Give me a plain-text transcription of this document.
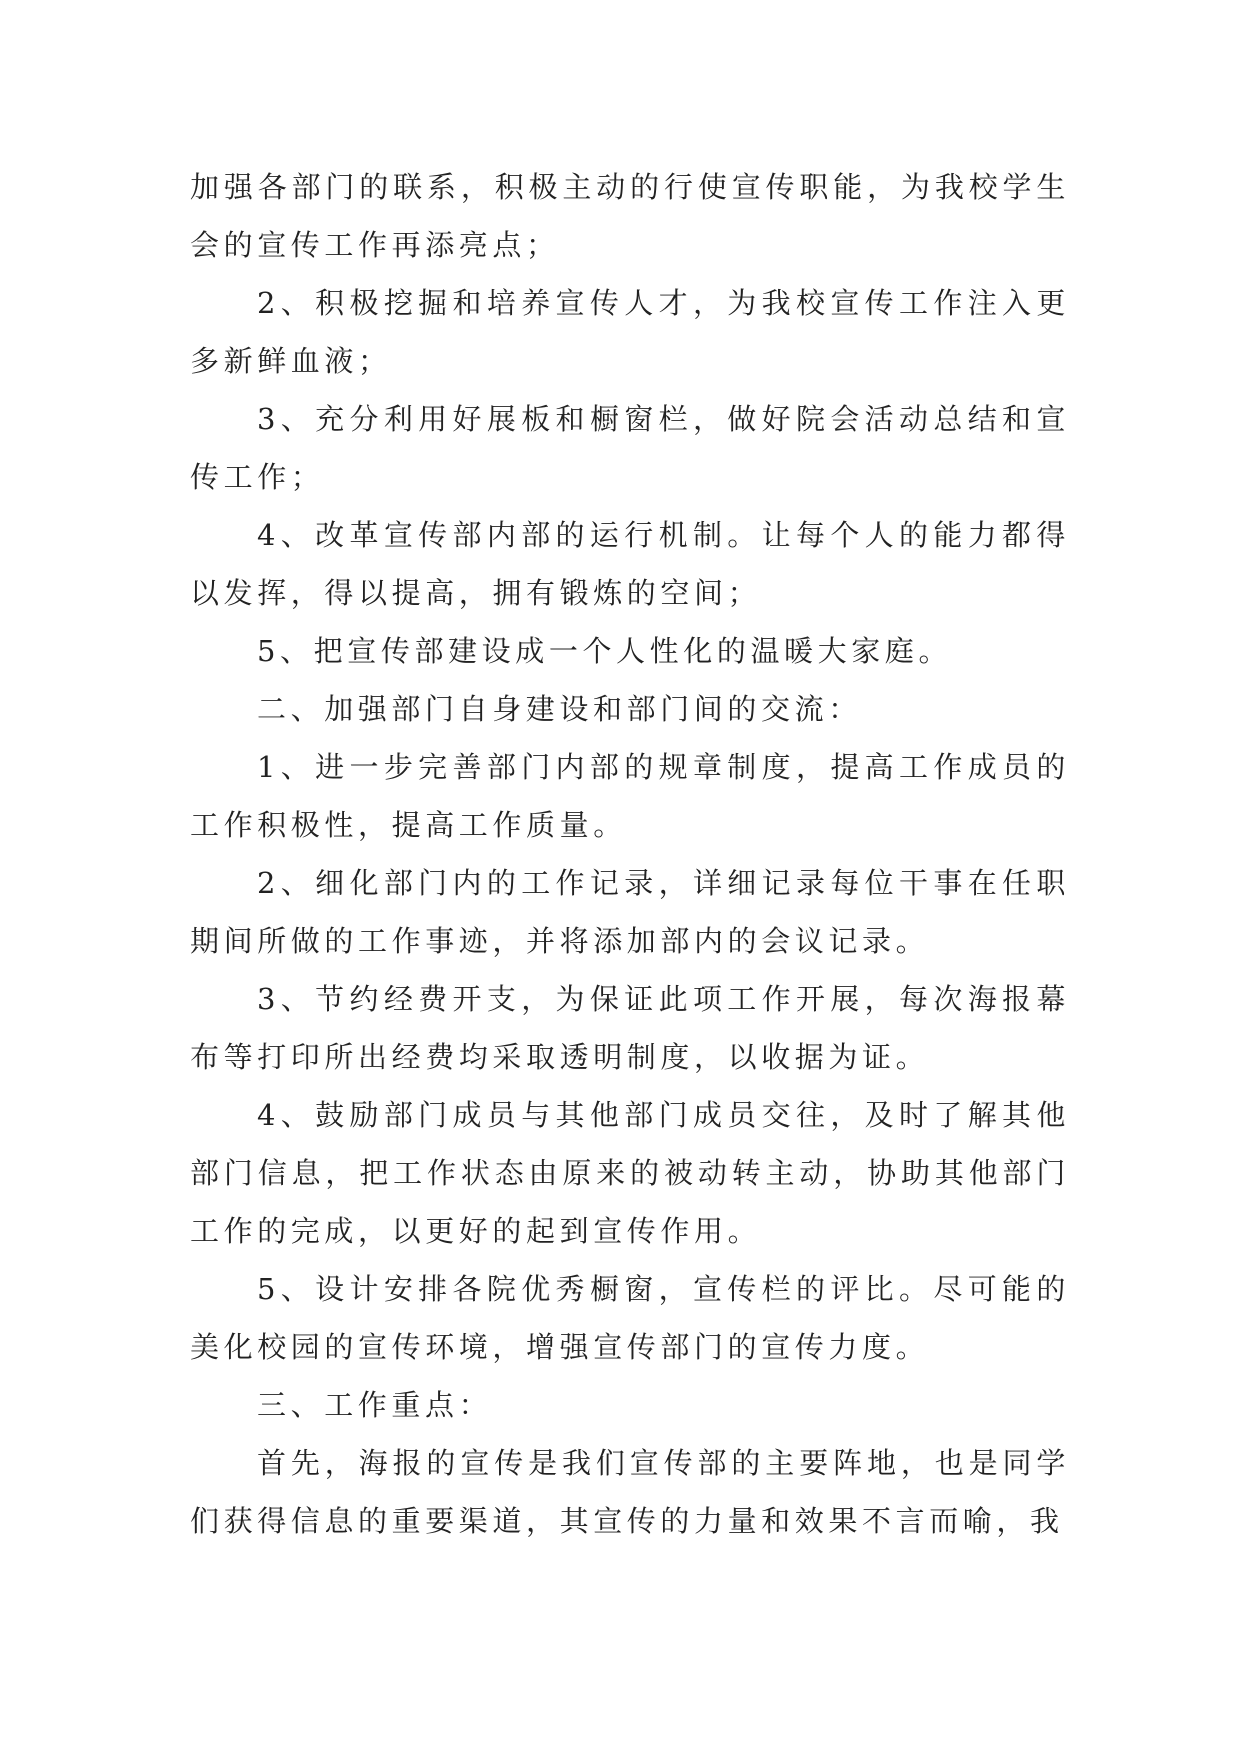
加强各部门的联系，积极主动的行使宣传职能，为我校学生会的宣传工作再添亮点；

2、积极挖掘和培养宣传人才，为我校宣传工作注入更多新鲜血液；

3、充分利用好展板和橱窗栏，做好院会活动总结和宣传工作；

4、改革宣传部内部的运行机制。让每个人的能力都得以发挥，得以提高，拥有锻炼的空间；

5、把宣传部建设成一个人性化的温暖大家庭。

二、加强部门自身建设和部门间的交流：

1、进一步完善部门内部的规章制度，提高工作成员的工作积极性，提高工作质量。

2、细化部门内的工作记录，详细记录每位干事在任职期间所做的工作事迹，并将添加部内的会议记录。

3、节约经费开支，为保证此项工作开展，每次海报幕布等打印所出经费均采取透明制度，以收据为证。

4、鼓励部门成员与其他部门成员交往，及时了解其他部门信息，把工作状态由原来的被动转主动，协助其他部门工作的完成，以更好的起到宣传作用。

5、设计安排各院优秀橱窗，宣传栏的评比。尽可能的美化校园的宣传环境，增强宣传部门的宣传力度。

三、工作重点：

首先，海报的宣传是我们宣传部的主要阵地，也是同学们获得信息的重要渠道，其宣传的力量和效果不言而喻，我
